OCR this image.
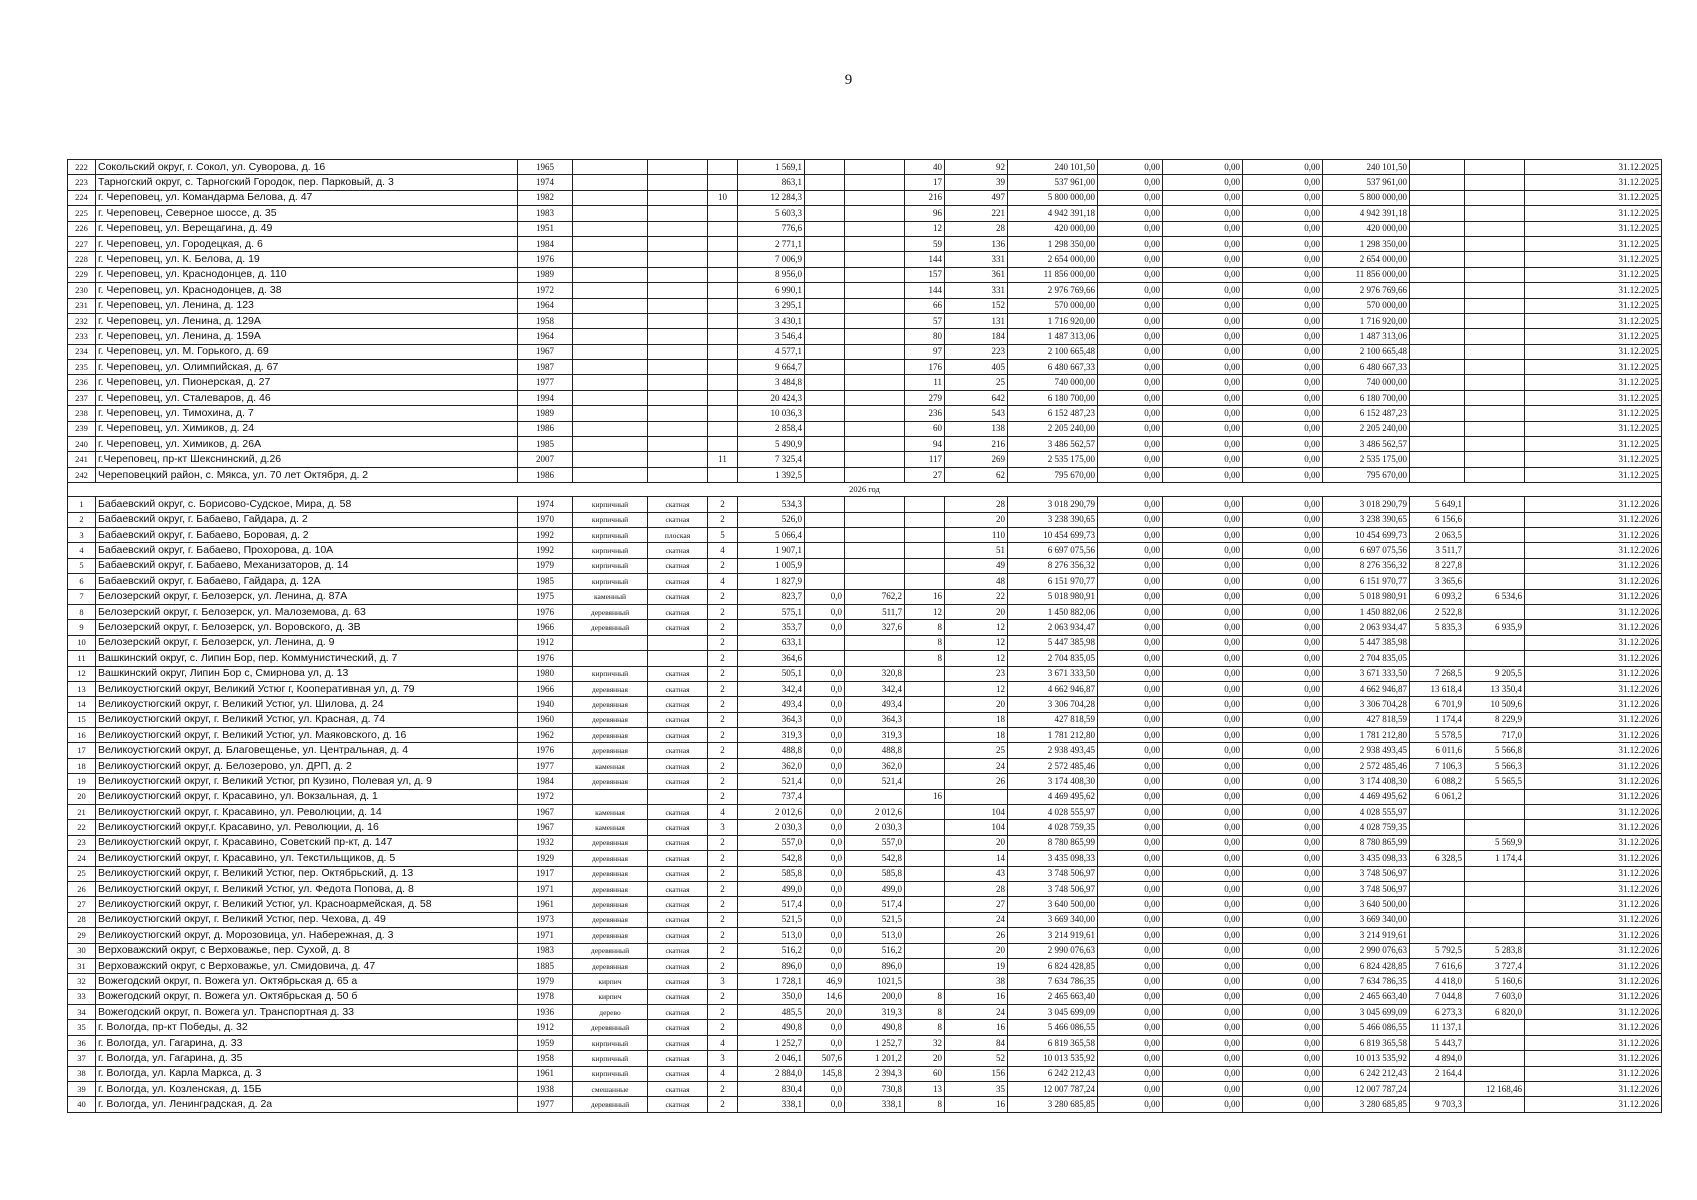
9
222	Сокольский округ, г. Сокол, ул. Суворова, д. 16	1965				1 569,1			40	92	240 101,50	0,00	0,00	0,00	240 101,50			31.12.2025
223	Тарногский округ, с. Тарногский Городок, пер. Парковый, д. 3	1974				863,1			17	39	537 961,00	0,00	0,00	0,00	537 961,00			31.12.2025
224	г. Череповец, ул. Командарма Белова, д. 47	1982			10	12 284,3			216	497	5 800 000,00	0,00	0,00	0,00	5 800 000,00			31.12.2025
225	г. Череповец, Северное шоссе, д. 35	1983				5 603,3			96	221	4 942 391,18	0,00	0,00	0,00	4 942 391,18			31.12.2025
226	г. Череповец, ул. Верещагина, д. 49	1951				776,6			12	28	420 000,00	0,00	0,00	0,00	420 000,00			31.12.2025
227	г. Череповец, ул. Городецкая, д. 6	1984				2 771,1			59	136	1 298 350,00	0,00	0,00	0,00	1 298 350,00			31.12.2025
228	г. Череповец, ул. К. Белова, д. 19	1976				7 006,9			144	331	2 654 000,00	0,00	0,00	0,00	2 654 000,00			31.12.2025
229	г. Череповец, ул. Краснодонцев, д. 110	1989				8 956,0			157	361	11 856 000,00	0,00	0,00	0,00	11 856 000,00			31.12.2025
230	г. Череповец, ул. Краснодонцев, д. 38	1972				6 990,1			144	331	2 976 769,66	0,00	0,00	0,00	2 976 769,66			31.12.2025
231	г. Череповец, ул. Ленина, д. 123	1964				3 295,1			66	152	570 000,00	0,00	0,00	0,00	570 000,00			31.12.2025
232	г. Череповец, ул. Ленина, д. 129А	1958				3 430,1			57	131	1 716 920,00	0,00	0,00	0,00	1 716 920,00			31.12.2025
233	г. Череповец, ул. Ленина, д. 159А	1964				3 546,4			80	184	1 487 313,06	0,00	0,00	0,00	1 487 313,06			31.12.2025
234	г. Череповец, ул. М. Горького, д. 69	1967				4 577,1			97	223	2 100 665,48	0,00	0,00	0,00	2 100 665,48			31.12.2025
235	г. Череповец, ул. Олимпийская, д. 67	1987				9 664,7			176	405	6 480 667,33	0,00	0,00	0,00	6 480 667,33			31.12.2025
236	г. Череповец, ул. Пионерская, д. 27	1977				3 484,8			11	25	740 000,00	0,00	0,00	0,00	740 000,00			31.12.2025
237	г. Череповец, ул. Сталеваров, д. 46	1994				20 424,3			279	642	6 180 700,00	0,00	0,00	0,00	6 180 700,00			31.12.2025
238	г. Череповец, ул. Тимохина, д. 7	1989				10 036,3			236	543	6 152 487,23	0,00	0,00	0,00	6 152 487,23			31.12.2025
239	г. Череповец, ул. Химиков, д. 24	1986				2 858,4			60	138	2 205 240,00	0,00	0,00	0,00	2 205 240,00			31.12.2025
240	г. Череповец, ул. Химиков, д. 26А	1985				5 490,9			94	216	3 486 562,57	0,00	0,00	0,00	3 486 562,57			31.12.2025
241	г.Череповец, пр-кт Шекснинский, д.26	2007			11	7 325,4			117	269	2 535 175,00	0,00	0,00	0,00	2 535 175,00			31.12.2025
242	Череповецкий район, с. Мякса, ул. 70 лет Октября, д. 2	1986				1 392,5			27	62	795 670,00	0,00	0,00	0,00	795 670,00			31.12.2025
2026 год																		
1	Бабаевский округ, с. Борисово-Судское, Мира, д. 58	1974	кирпичный	скатная	2	534,3				28	3 018 290,79	0,00	0,00	0,00	3 018 290,79	5 649,1		31.12.2026
2	Бабаевский округ, г. Бабаево, Гайдара, д. 2	1970	кирпичный	скатная	2	526,0				20	3 238 390,65	0,00	0,00	0,00	3 238 390,65	6 156,6		31.12.2026
3	Бабаевский округ, г. Бабаево, Боровая, д. 2	1992	кирпичный	плоская	5	5 066,4				110	10 454 699,73	0,00	0,00	0,00	10 454 699,73	2 063,5		31.12.2026
4	Бабаевский округ, г. Бабаево, Прохорова, д. 10А	1992	кирпичный	скатная	4	1 907,1				51	6 697 075,56	0,00	0,00	0,00	6 697 075,56	3 511,7		31.12.2026
5	Бабаевский округ, г. Бабаево, Механизаторов, д. 14	1979	кирпичный	скатная	2	1 005,9				49	8 276 356,32	0,00	0,00	0,00	8 276 356,32	8 227,8		31.12.2026
6	Бабаевский округ, г. Бабаево, Гайдара, д. 12А	1985	кирпичный	скатная	4	1 827,9				48	6 151 970,77	0,00	0,00	0,00	6 151 970,77	3 365,6		31.12.2026
7	Белозерский округ, г. Белозерск, ул. Ленина, д. 87А	1975	каменный	скатная	2	823,7	0,0	762,2	16	22	5 018 980,91	0,00	0,00	0,00	5 018 980,91	6 093,2	6 534,6	31.12.2026
8	Белозерский округ, г. Белозерск, ул. Малоземова, д. 63	1976	деревянный	скатная	2	575,1	0,0	511,7	12	20	1 450 882,06	0,00	0,00	0,00	1 450 882,06	2 522,8		31.12.2026
9	Белозерский округ, г. Белозерск, ул. Воровского, д. 3В	1966	деревянный	скатная	2	353,7	0,0	327,6	8	12	2 063 934,47	0,00	0,00	0,00	2 063 934,47	5 835,3	6 935,9	31.12.2026
10	Белозерский округ, г. Белозерск, ул. Ленина, д. 9	1912			2	633,1			8	12	5 447 385,98	0,00	0,00	0,00	5 447 385,98			31.12.2026
11	Вашкинский округ, с. Липин Бор, пер. Коммунистический, д. 7	1976			2	364,6			8	12	2 704 835,05	0,00	0,00	0,00	2 704 835,05			31.12.2026
12	Вашкинский округ, Липин Бор с, Смирнова ул, д. 13	1980	кирпичный	скатная	2	505,1	0,0	320,8		23	3 671 333,50	0,00	0,00	0,00	3 671 333,50	7 268,5	9 205,5	31.12.2026
13	Великоустюгский округ, Великий Устюг г, Кооперативная ул, д. 79	1966	деревянная	скатная	2	342,4	0,0	342,4		12	4 662 946,87	0,00	0,00	0,00	4 662 946,87	13 618,4	13 350,4	31.12.2026
14	Великоустюгский округ, г. Великий Устюг, ул. Шилова, д. 24	1940	деревянная	скатная	2	493,4	0,0	493,4		20	3 306 704,28	0,00	0,00	0,00	3 306 704,28	6 701,9	10 509,6	31.12.2026
15	Великоустюгский округ, г. Великий Устюг, ул. Красная, д. 74	1960	деревянная	скатная	2	364,3	0,0	364,3		18	427 818,59	0,00	0,00	0,00	427 818,59	1 174,4	8 229,9	31.12.2026
16	Великоустюгский округ, г. Великий Устюг, ул. Маяковского, д. 16	1962	деревянная	скатная	2	319,3	0,0	319,3		18	1 781 212,80	0,00	0,00	0,00	1 781 212,80	5 578,5	717,0	31.12.2026
17	Великоустюгский округ, д. Благовещенье, ул. Центральная, д. 4	1976	деревянная	скатная	2	488,8	0,0	488,8		25	2 938 493,45	0,00	0,00	0,00	2 938 493,45	6 011,6	5 566,8	31.12.2026
18	Великоустюгский округ, д. Белозерово, ул. ДРП, д. 2	1977	каменная	скатная	2	362,0	0,0	362,0		24	2 572 485,46	0,00	0,00	0,00	2 572 485,46	7 106,3	5 566,3	31.12.2026
19	Великоустюгский округ, г. Великий Устюг, рп Кузино, Полевая ул, д. 9	1984	деревянная	скатная	2	521,4	0,0	521,4		26	3 174 408,30	0,00	0,00	0,00	3 174 408,30	6 088,2	5 565,5	31.12.2026
20	Великоустюгский округ, г. Красавино, ул. Вокзальная, д. 1	1972			2	737,4			16		4 469 495,62	0,00	0,00	0,00	4 469 495,62	6 061,2		31.12.2026
21	Великоустюгский округ, г. Красавино, ул. Революции, д. 14	1967	каменная	скатная	4	2 012,6	0,0	2 012,6		104	4 028 555,97	0,00	0,00	0,00	4 028 555,97			31.12.2026
22	Великоустюгский округ,г. Красавино, ул. Революции, д. 16	1967	каменная	скатная	3	2 030,3	0,0	2 030,3		104	4 028 759,35	0,00	0,00	0,00	4 028 759,35			31.12.2026
23	Великоустюгский округ, г. Красавино, Советский пр-кт, д. 147	1932	деревянная	скатная	2	557,0	0,0	557,0		20	8 780 865,99	0,00	0,00	0,00	8 780 865,99		5 569,9	31.12.2026
24	Великоустюгский округ, г. Красавино, ул. Текстильщиков, д. 5	1929	деревянная	скатная	2	542,8	0,0	542,8		14	3 435 098,33	0,00	0,00	0,00	3 435 098,33	6 328,5	1 174,4	31.12.2026
25	Великоустюгский округ, г. Великий Устюг, пер. Октябрьский, д. 13	1917	деревянная	скатная	2	585,8	0,0	585,8		43	3 748 506,97	0,00	0,00	0,00	3 748 506,97			31.12.2026
26	Великоустюгский округ, г. Великий Устюг, ул. Федота Попова, д. 8	1971	деревянная	скатная	2	499,0	0,0	499,0		28	3 748 506,97	0,00	0,00	0,00	3 748 506,97			31.12.2026
27	Великоустюгский округ, г. Великий Устюг, ул. Красноармейская, д. 58	1961	деревянная	скатная	2	517,4	0,0	517,4		27	3 640 500,00	0,00	0,00	0,00	3 640 500,00			31.12.2026
28	Великоустюгский округ, г. Великий Устюг, пер. Чехова, д. 49	1973	деревянная	скатная	2	521,5	0,0	521,5		24	3 669 340,00	0,00	0,00	0,00	3 669 340,00			31.12.2026
29	Великоустюгский округ, д. Морозовица, ул. Набережная, д. 3	1971	деревянная	скатная	2	513,0	0,0	513,0		26	3 214 919,61	0,00	0,00	0,00	3 214 919,61			31.12.2026
30	Верховажский округ, с Верховажье, пер. Сухой, д. 8	1983	деревянный	скатная	2	516,2	0,0	516,2		20	2 990 076,63	0,00	0,00	0,00	2 990 076,63	5 792,5	5 283,8	31.12.2026
31	Верховажский округ, с Верховажье, ул. Смидовича, д. 47	1885	деревянная	скатная	2	896,0	0,0	896,0		19	6 824 428,85	0,00	0,00	0,00	6 824 428,85	7 616,6	3 727,4	31.12.2026
32	Вожегодский округ, п. Вожега ул. Октябрьская д. 65 а	1979	кирпич	скатная	3	1 728,1	46,9	1021,5		38	7 634 786,35	0,00	0,00	0,00	7 634 786,35	4 418,0	5 160,6	31.12.2026
33	Вожегодский округ, п. Вожега ул. Октябрьская д. 50 б	1978	кирпич	скатная	2	350,0	14,6	200,0	8	16	2 465 663,40	0,00	0,00	0,00	2 465 663,40	7 044,8	7 603,0	31.12.2026
34	Вожегодский округ, п. Вожега ул. Транспортная д. 33	1936	дерево	скатная	2	485,5	20,0	319,3	8	24	3 045 699,09	0,00	0,00	0,00	3 045 699,09	6 273,3	6 820,0	31.12.2026
35	г. Вологда, пр-кт Победы, д. 32	1912	деревянный	скатная	2	490,8	0,0	490,8	8	16	5 466 086,55	0,00	0,00	0,00	5 466 086,55	11 137,1		31.12.2026
36	г. Вологда, ул. Гагарина, д. 33	1959	кирпичный	скатная	4	1 252,7	0,0	1 252,7	32	84	6 819 365,58	0,00	0,00	0,00	6 819 365,58	5 443,7		31.12.2026
37	г. Вологда, ул. Гагарина, д. 35	1958	кирпичный	скатная	3	2 046,1	507,6	1 201,2	20	52	10 013 535,92	0,00	0,00	0,00	10 013 535,92	4 894,0		31.12.2026
38	г. Вологда, ул. Карла Маркса, д. 3	1961	кирпичный	скатная	4	2 884,0	145,8	2 394,3	60	156	6 242 212,43	0,00	0,00	0,00	6 242 212,43	2 164,4		31.12.2026
39	г. Вологда, ул. Козленская, д. 15Б	1938	смешанные	скатная	2	830,4	0,0	730,8	13	35	12 007 787,24	0,00	0,00	0,00	12 007 787,24		12 168,46	31.12.2026
40	г. Вологда, ул. Ленинградская, д. 2а	1977	деревянный	скатная	2	338,1	0,0	338,1	8	16	3 280 685,85	0,00	0,00	0,00	3 280 685,85	9 703,3		31.12.2026
